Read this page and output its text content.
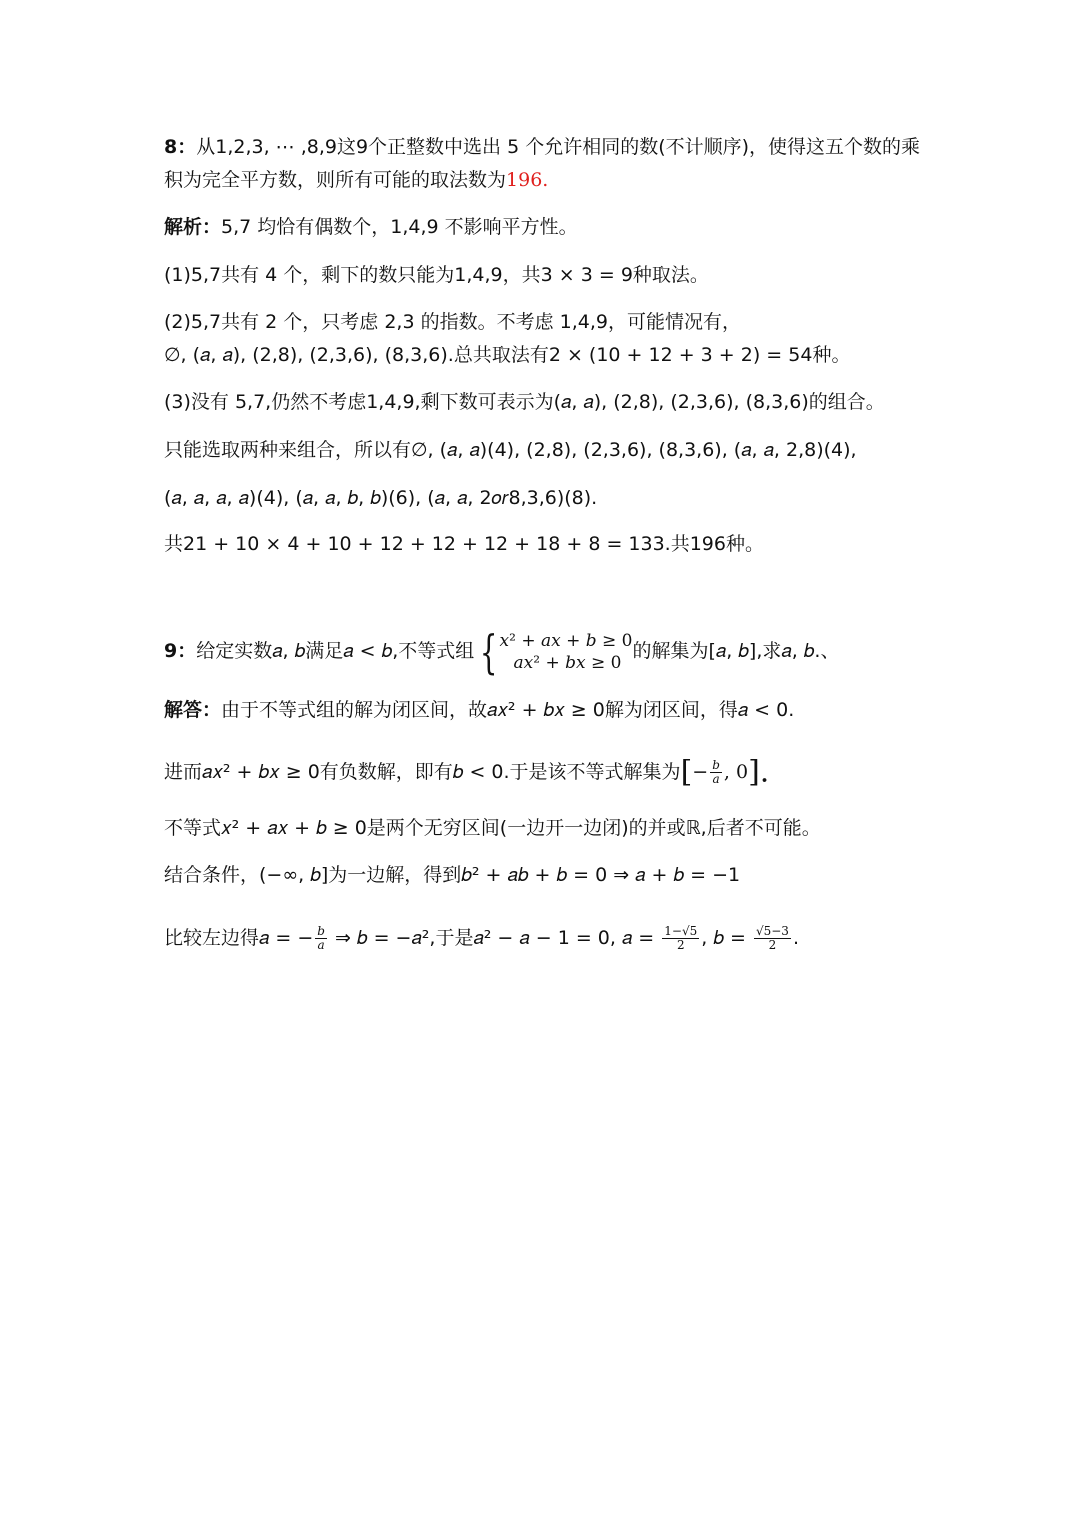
8：从1,2,3, ⋯ ,8,9这9个正整数中选出 5 个允许相同的数(不计顺序)，使得这五个数的乘
积为完全平方数，则所有可能的取法数为196.
解析：5,7 均恰有偶数个，1,4,9 不影响平方性。
(1)5,7共有 4 个，剩下的数只能为1,4,9，共3 × 3 = 9种取法。
(2)5,7共有 2 个，只考虑 2,3 的指数。不考虑 1,4,9，可能情况有，
∅, (𝑎, 𝑎), (2,8), (2,3,6), (8,3,6).总共取法有2 × (10 + 12 + 3 + 2) = 54种。
(3)没有 5,7,仍然不考虑1,4,9,剩下数可表示为(𝑎, 𝑎), (2,8), (2,3,6), (8,3,6)的组合。
只能选取两种来组合，所以有∅, (𝑎, 𝑎)(4), (2,8), (2,3,6), (8,3,6), (𝑎, 𝑎, 2,8)(4),
(𝑎, 𝑎, 𝑎, 𝑎)(4), (𝑎, 𝑎, 𝑏, 𝑏)(6), (𝑎, 𝑎, 2𝑜𝑟8,3,6)(8).
共21 + 10 × 4 + 10 + 12 + 12 + 12 + 18 + 8 = 133.共196种。
9：给定实数𝑎, 𝑏满足𝑎 < 𝑏,不等式组 { 𝑥² + 𝑎𝑥 + 𝑏 ≥ 0
𝑎𝑥² + 𝑏𝑥 ≥ 0
的解集为[𝑎, 𝑏],求𝑎, 𝑏.、
解答：由于不等式组的解为闭区间，故𝑎𝑥² + 𝑏𝑥 ≥ 0解为闭区间，得𝑎 < 0.
进而𝑎𝑥² + 𝑏𝑥 ≥ 0有负数解，即有𝑏 < 0.于是该不等式解集为[− $\frac{\text{𝑏}}{\text{𝑎}}$ , 0].
不等式𝑥² + 𝑎𝑥 + 𝑏 ≥ 0是两个无穷区间(一边开一边闭)的并或ℝ,后者不可能。
结合条件，(−∞, 𝑏]为一边解，得到𝑏² + 𝑎𝑏 + 𝑏 = 0 ⇒ 𝑎 + 𝑏 = −1
比较左边得𝑎 = − $\frac{\text{𝑏}}{\text{𝑎}}$ ⇒ 𝑏 = −𝑎²,于是𝑎² − 𝑎 − 1 = 0, 𝑎 = $\frac{1-√5}{2}$ , 𝑏 = $\frac{√5-3}{2}$ .
